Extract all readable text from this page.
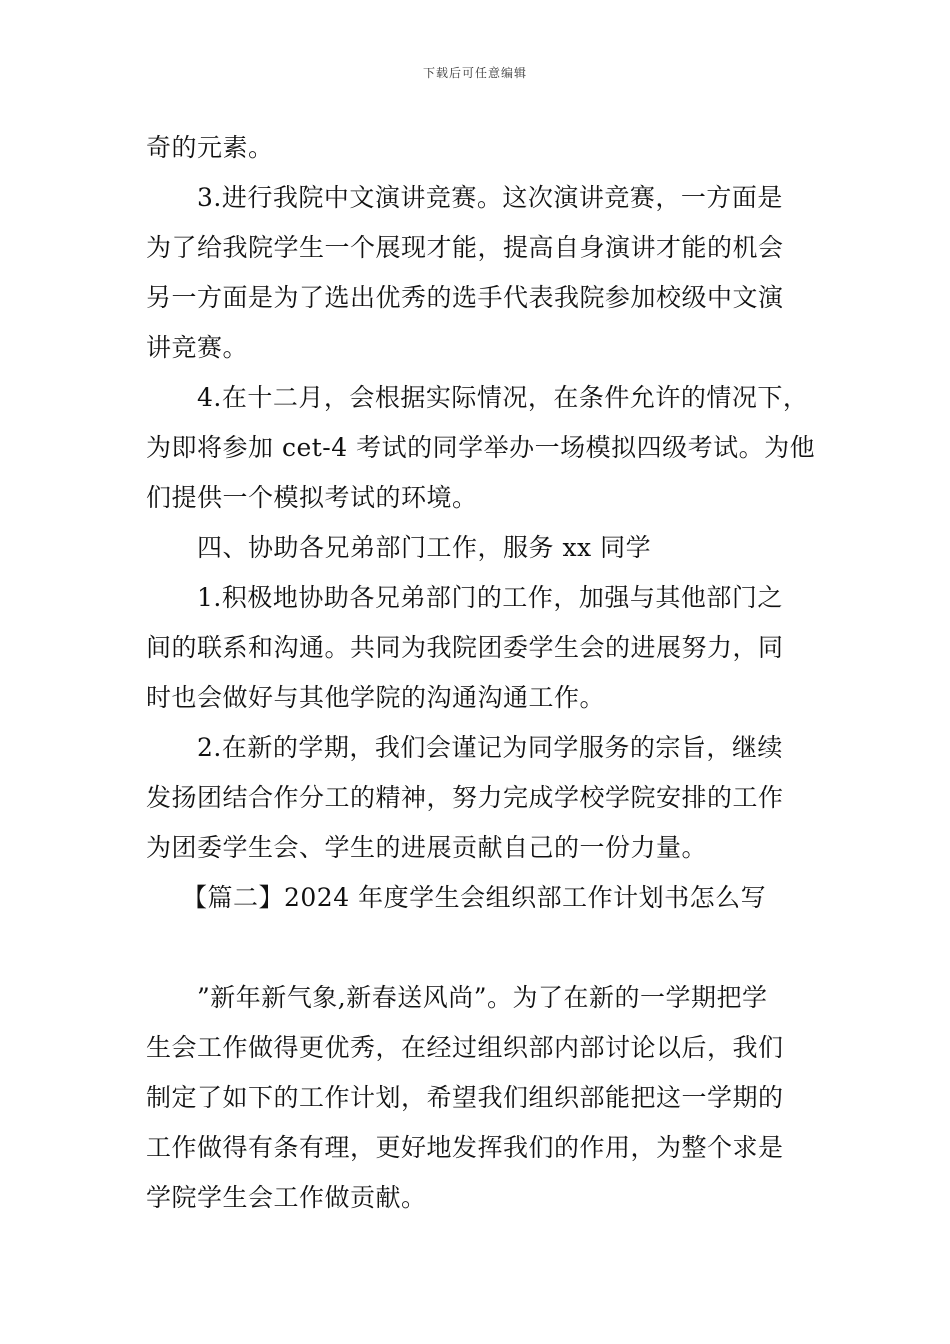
下载后可任意编辑
奇的元素。
3.进行我院中文演讲竞赛。这次演讲竞赛，一方面是
为了给我院学生一个展现才能，提高自身演讲才能的机会
另一方面是为了选出优秀的选手代表我院参加校级中文演
讲竞赛。
4.在十二月，会根据实际情况，在条件允许的情况下，
为即将参加 cet-4 考试的同学举办一场模拟四级考试。为他
们提供一个模拟考试的环境。
四、协助各兄弟部门工作，服务 xx 同学
1.积极地协助各兄弟部门的工作，加强与其他部门之
间的联系和沟通。共同为我院团委学生会的进展努力，同
时也会做好与其他学院的沟通沟通工作。
2.在新的学期，我们会谨记为同学服务的宗旨，继续
发扬团结合作分工的精神，努力完成学校学院安排的工作
为团委学生会、学生的进展贡献自己的一份力量。
【篇二】2024 年度学生会组织部工作计划书怎么写
”新年新气象,新春送风尚”。为了在新的一学期把学
生会工作做得更优秀，在经过组织部内部讨论以后，我们
制定了如下的工作计划，希望我们组织部能把这一学期的
工作做得有条有理，更好地发挥我们的作用，为整个求是
学院学生会工作做贡献。
